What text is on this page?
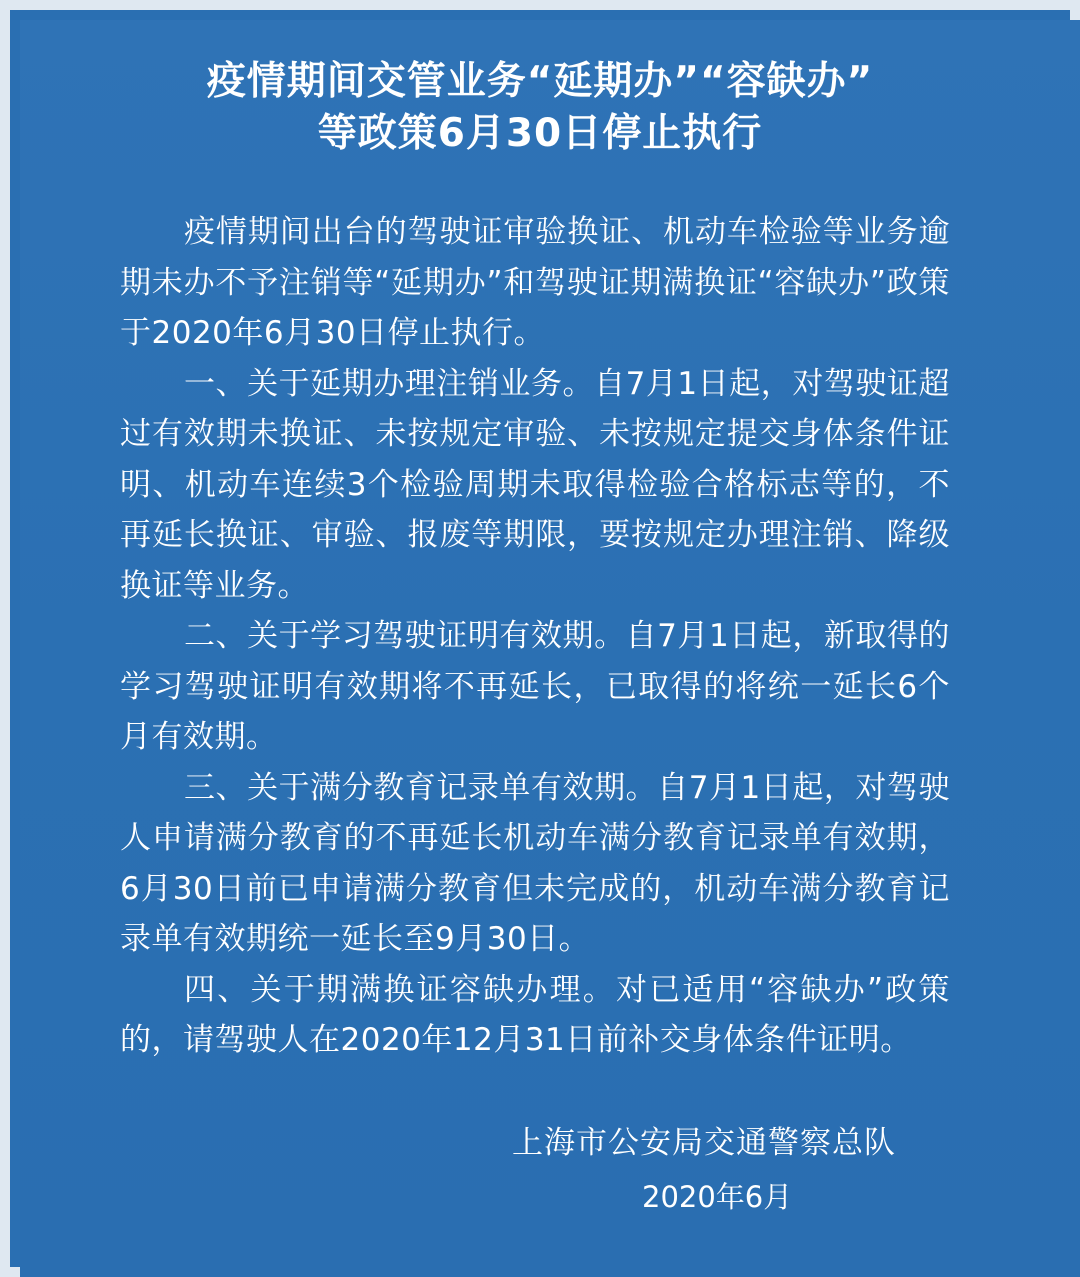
疫情期间交管业务“延期办”“容缺办”
等政策6月30日停止执行

疫情期间出台的驾驶证审验换证、机动车检验等业务逾期未办不予注销等“延期办”和驾驶证期满换证“容缺办”政策于2020年6月30日停止执行。

一、关于延期办理注销业务。自7月1日起，对驾驶证超过有效期未换证、未按规定审验、未按规定提交身体条件证明、机动车连续3个检验周期未取得检验合格标志等的，不再延长换证、审验、报废等期限，要按规定办理注销、降级换证等业务。

二、关于学习驾驶证明有效期。自7月1日起，新取得的学习驾驶证明有效期将不再延长，已取得的将统一延长6个月有效期。

三、关于满分教育记录单有效期。自7月1日起，对驾驶人申请满分教育的不再延长机动车满分教育记录单有效期，6月30日前已申请满分教育但未完成的，机动车满分教育记录单有效期统一延长至9月30日。

四、关于期满换证容缺办理。对已适用“容缺办”政策的，请驾驶人在2020年12月31日前补交身体条件证明。

上海市公安局交通警察总队
2020年6月
